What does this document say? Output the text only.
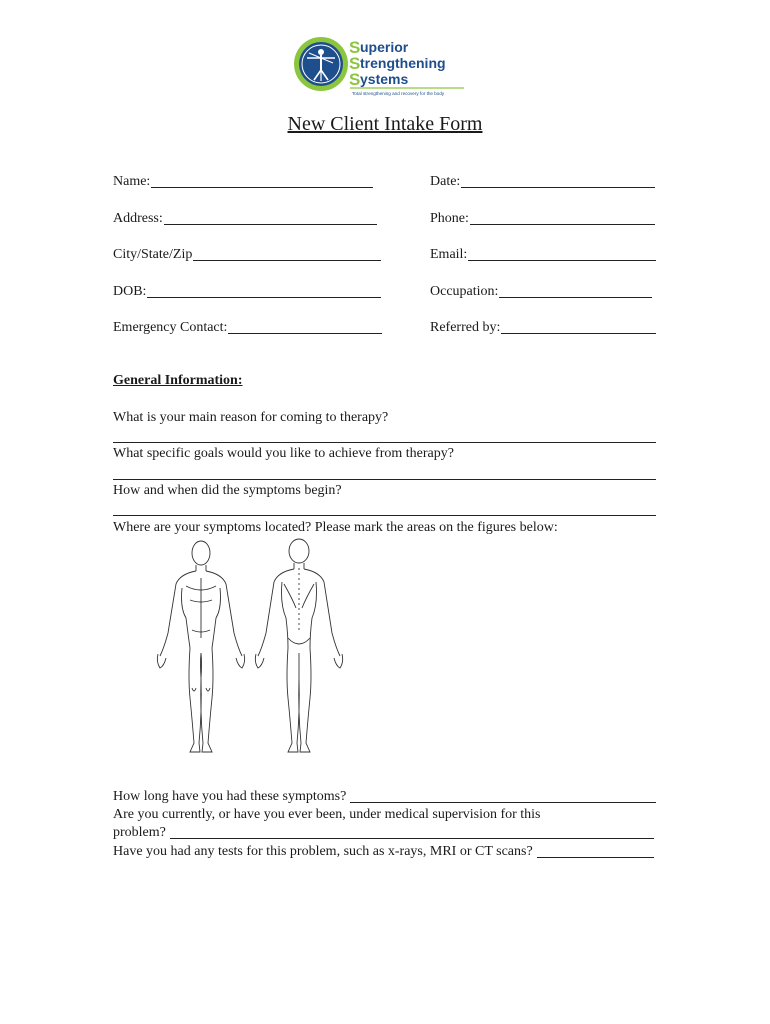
S
S
S
uperior
trengthening
ystems
Total strengthening and recovery for the body
New Client Intake Form
Name:
Address:
City/State/Zip
DOB:
Emergency Contact:
Date:
Phone:
Email:
Occupation:
Referred by:
General Information:
What is your main reason for coming to therapy?
What specific goals would you like to achieve from therapy?
How and when did the symptoms begin?
Where are your symptoms located? Please mark the areas on the figures below:
How long have you had these symptoms?
Are you currently, or have you ever been, under medical supervision for this
problem?
Have you had any tests for this problem, such as x-rays, MRI or CT scans?
